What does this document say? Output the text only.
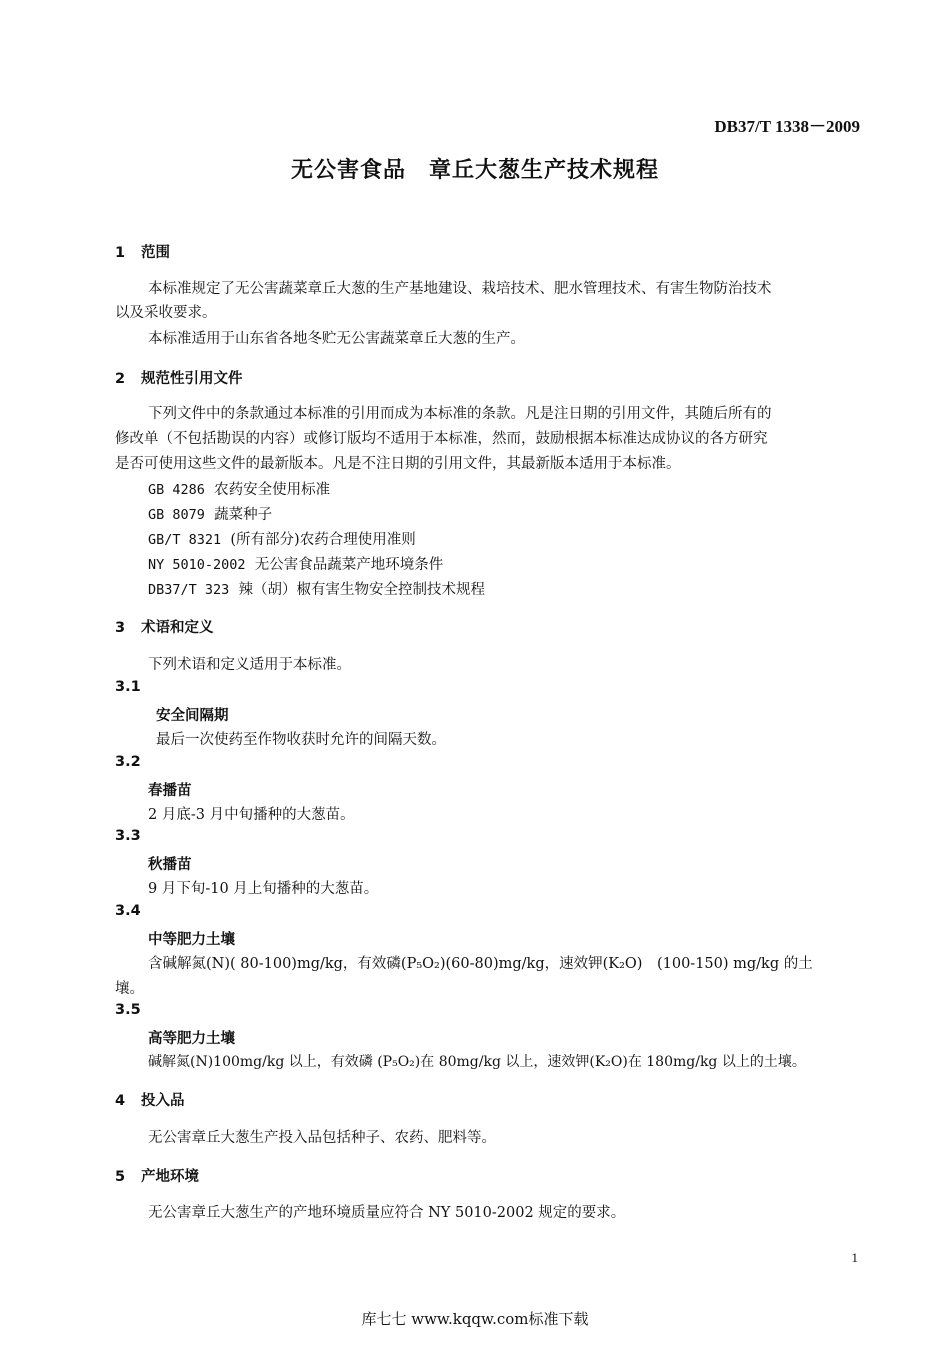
DB37/T 1338－2009
无公害食品　章丘大葱生产技术规程
1 范围
本标准规定了无公害蔬菜章丘大葱的生产基地建设、栽培技术、肥水管理技术、有害生物防治技术
以及采收要求。
本标准适用于山东省各地冬贮无公害蔬菜章丘大葱的生产。
2 规范性引用文件
下列文件中的条款通过本标准的引用而成为本标准的条款。凡是注日期的引用文件，其随后所有的
修改单（不包括勘误的内容）或修订版均不适用于本标准，然而，鼓励根据本标准达成协议的各方研究
是否可使用这些文件的最新版本。凡是不注日期的引用文件，其最新版本适用于本标准。
GB 4286 农药安全使用标准
GB 8079 蔬菜种子
GB/T 8321 (所有部分)农药合理使用准则
NY 5010-2002 无公害食品蔬菜产地环境条件
DB37/T 323 辣（胡）椒有害生物安全控制技术规程
3 术语和定义
下列术语和定义适用于本标准。
3.1
安全间隔期
最后一次使药至作物收获时允许的间隔天数。
3.2
春播苗
2 月底-3 月中旬播种的大葱苗。
3.3
秋播苗
9 月下旬-10 月上旬播种的大葱苗。
3.4
中等肥力土壤
含碱解氮(N)( 80-100)mg/kg，有效磷(P₅O₂)(60-80)mg/kg，速效钾(K₂O)　(100-150) mg/kg 的土
壤。
3.5
高等肥力土壤
碱解氮(N)100mg/kg 以上，有效磷 (P₅O₂)在 80mg/kg 以上，速效钾(K₂O)在 180mg/kg 以上的土壤。
4 投入品
无公害章丘大葱生产投入品包括种子、农药、肥料等。
5 产地环境
无公害章丘大葱生产的产地环境质量应符合 NY 5010-2002 规定的要求。
1
库七七 www.kqqw.com标准下载
